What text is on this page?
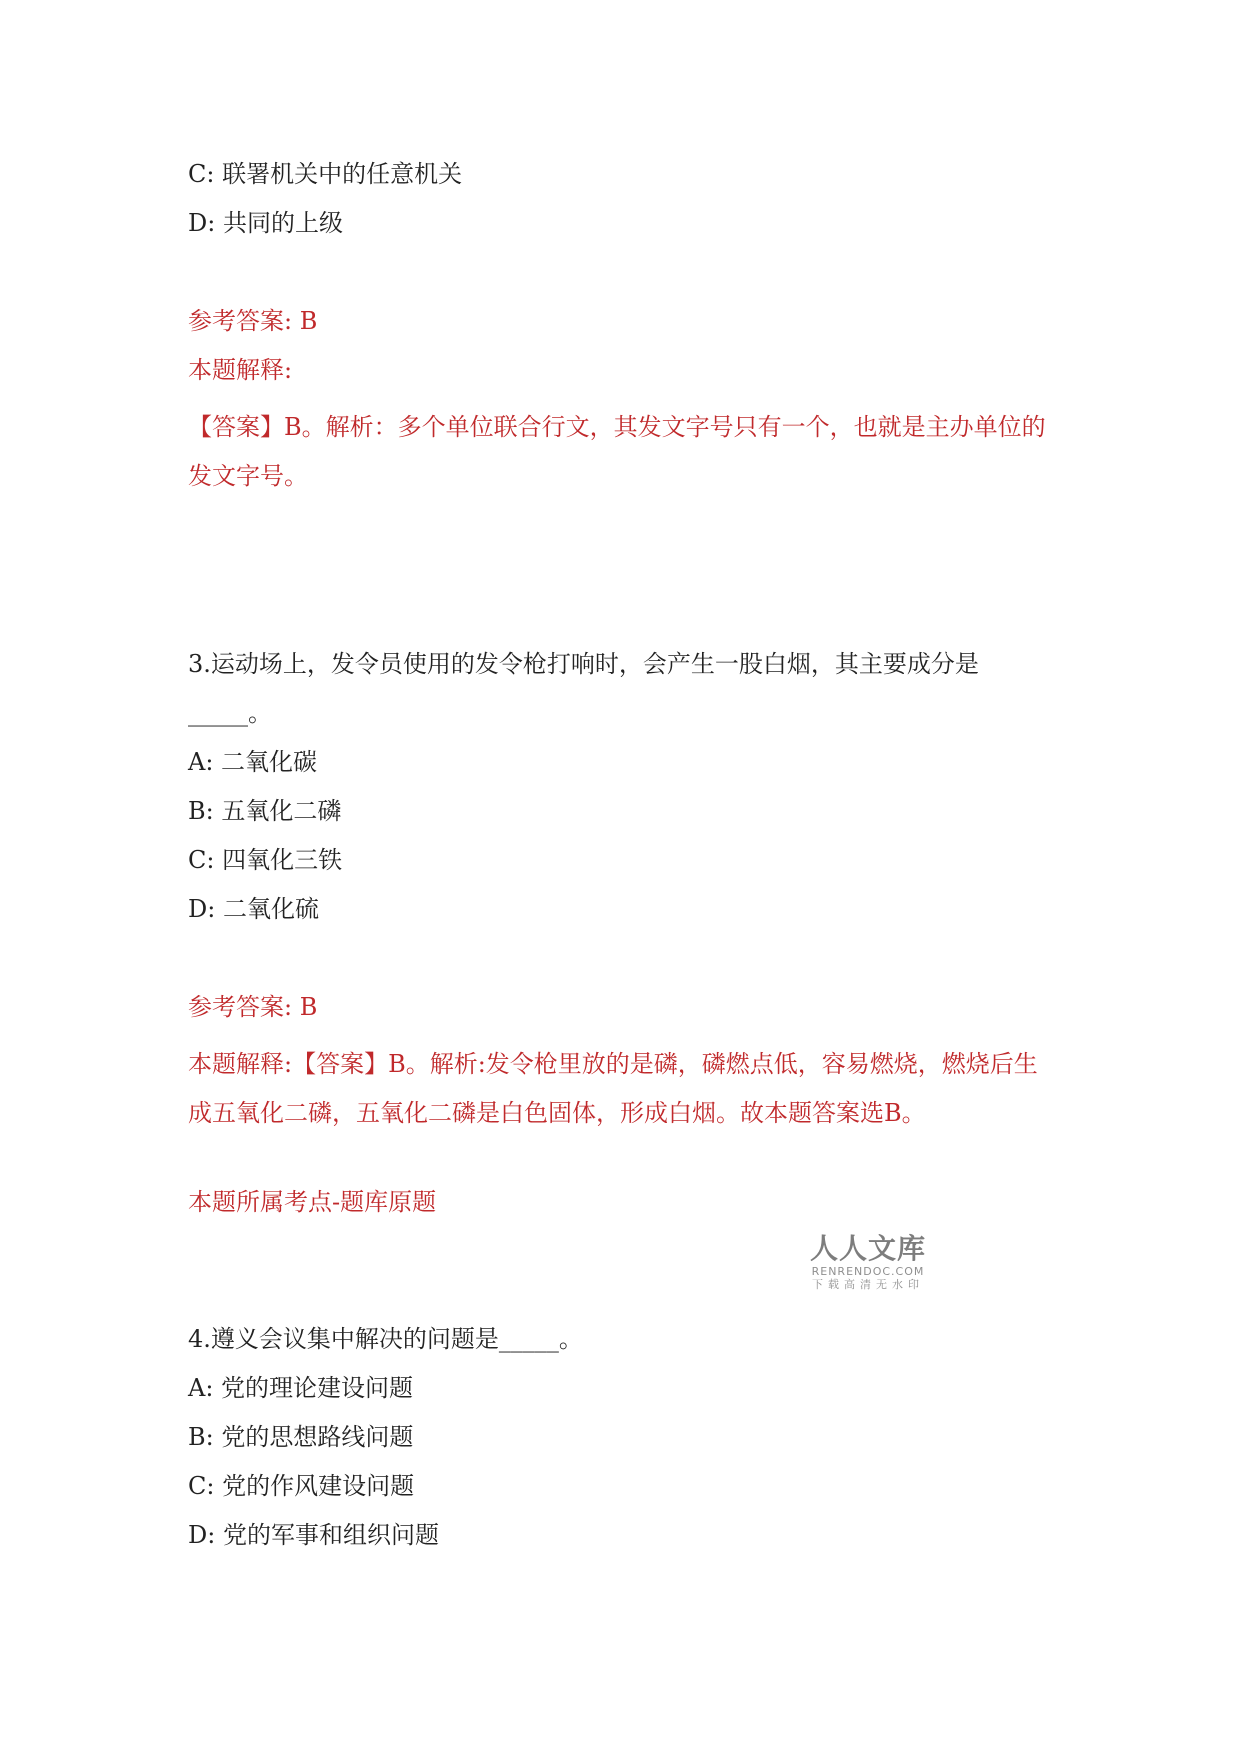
C: 联署机关中的任意机关
D: 共同的上级
参考答案: B
本题解释:
【答案】B。解析：多个单位联合行文，其发文字号只有一个，也就是主办单位的发文字号。
3.运动场上，发令员使用的发令枪打响时，会产生一股白烟，其主要成分是
_____。
A: 二氧化碳
B: 五氧化二磷
C: 四氧化三铁
D: 二氧化硫
参考答案: B
本题解释:【答案】B。解析:发令枪里放的是磷，磷燃点低，容易燃烧，燃烧后生成五氧化二磷，五氧化二磷是白色固体，形成白烟。故本题答案选B。
本题所属考点-题库原题
人人文库
RENRENDOC.COM
下载高清无水印
4.遵义会议集中解决的问题是_____。
A: 党的理论建设问题
B: 党的思想路线问题
C: 党的作风建设问题
D: 党的军事和组织问题
